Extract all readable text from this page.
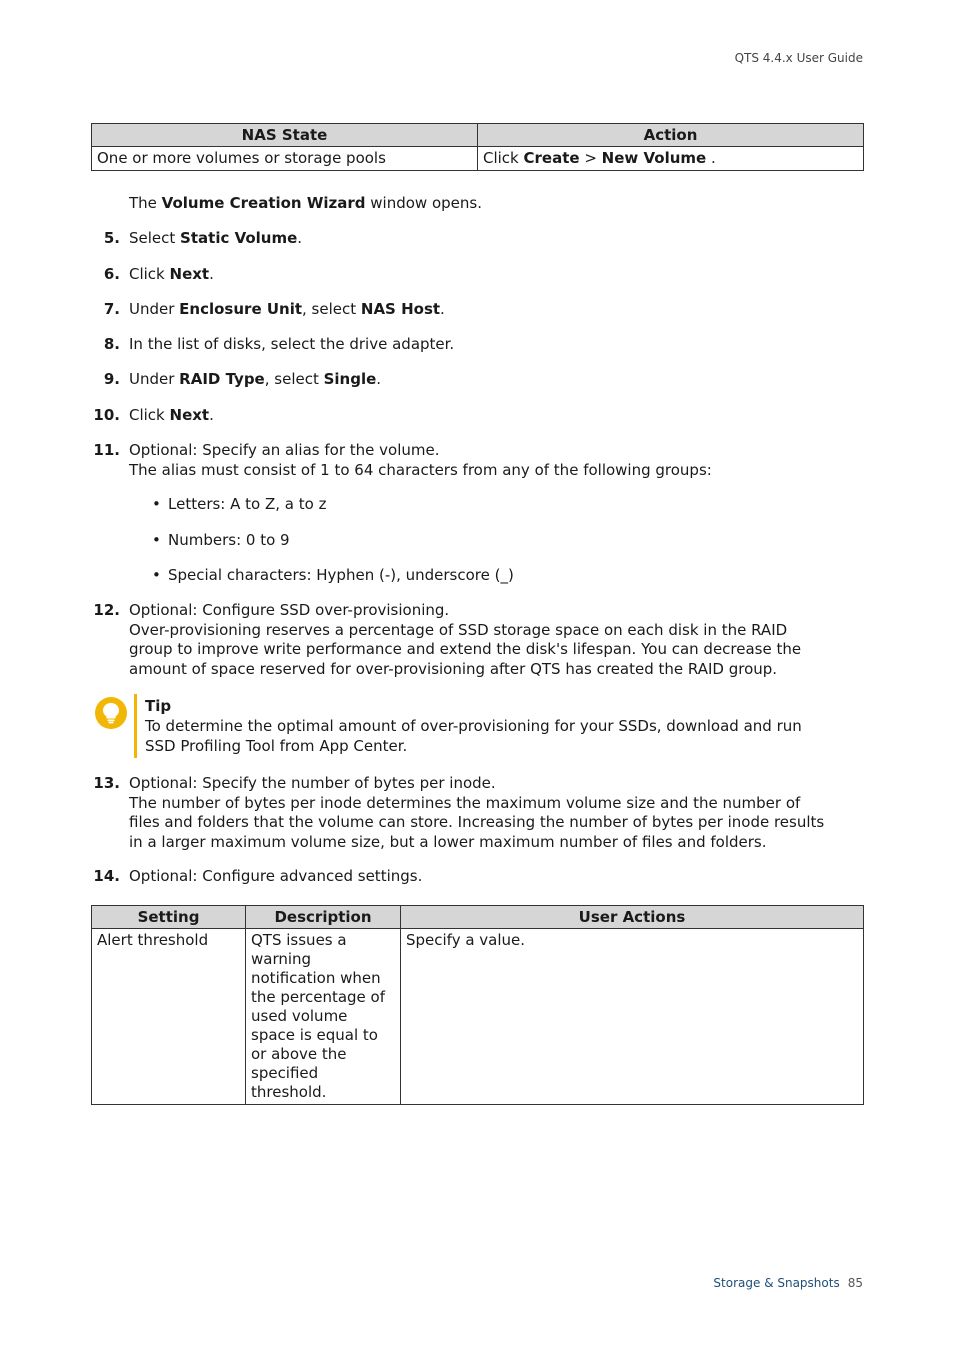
QTS 4.4.x User Guide
NAS State	Action
One or more volumes or storage pools	Click Create > New Volume .
The Volume Creation Wizard window opens.
5. Select Static Volume.
6. Click Next.
7. Under Enclosure Unit, select NAS Host.
8. In the list of disks, select the drive adapter.
9. Under RAID Type, select Single.
10. Click Next.
11. Optional: Specify an alias for the volume.
The alias must consist of 1 to 64 characters from any of the following groups:
• Letters: A to Z, a to z
• Numbers: 0 to 9
• Special characters: Hyphen (-), underscore (_)
12. Optional: Configure SSD over-provisioning.
Over-provisioning reserves a percentage of SSD storage space on each disk in the RAID group to improve write performance and extend the disk's lifespan. You can decrease the amount of space reserved for over-provisioning after QTS has created the RAID group.
Tip
To determine the optimal amount of over-provisioning for your SSDs, download and run SSD Profiling Tool from App Center.
13. Optional: Specify the number of bytes per inode.
The number of bytes per inode determines the maximum volume size and the number of files and folders that the volume can store. Increasing the number of bytes per inode results in a larger maximum volume size, but a lower maximum number of files and folders.
14. Optional: Configure advanced settings.
Setting	Description	User Actions
Alert threshold	QTS issues a warning notification when the percentage of used volume space is equal to or above the specified threshold.	Specify a value.
Storage & Snapshots 85
